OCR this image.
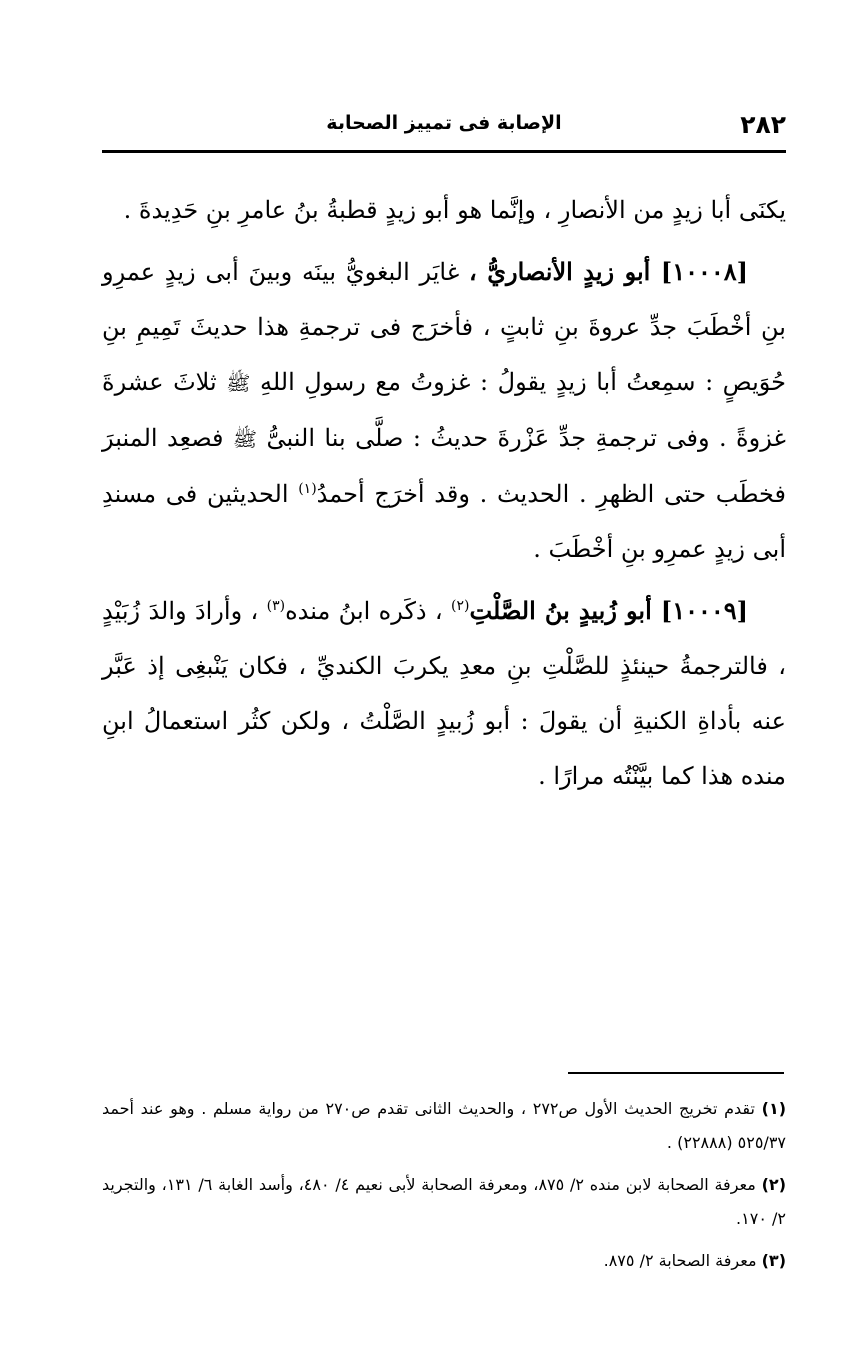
٢٨٢
الإصابة فى تمييز الصحابة

يكنَى أبا زيدٍ من الأنصارِ ، وإنَّما هو أبو زيدٍ قطبةُ بنُ عامرِ بنِ حَدِيدةَ .

[١٠٠٠٨] أبو زيدٍ الأنصاريُّ ، غايَر البغويُّ بينَه وبينَ أبى زيدٍ عمرِو بنِ أخْطَبَ جدِّ عروةَ بنِ ثابتٍ ، فأخرَج فى ترجمةِ هذا حديثَ تَمِيمِ بنِ حُوَيصٍ : سمِعتُ أبا زيدٍ يقولُ : غزوتُ مع رسولِ اللهِ ﷺ ثلاثَ عشرةَ غزوةً . وفى ترجمةِ جدِّ عَزْرةَ حديثُ : صلَّى بنا النبىُّ ﷺ فصعِد المنبرَ فخطَب حتى الظهرِ . الحديث . وقد أخرَج أحمدُ$^{(١)}$ الحديثين فى مسندِ أبى زيدٍ عمرِو بنِ أخْطَبَ .

[١٠٠٠٩] أبو زُبيدٍ بنُ الصَّلْتِ$^{(٢)}$ ، ذكَره ابنُ منده$^{(٣)}$ ، وأرادَ والدَ زُبَيْدٍ ، فالترجمةُ حينئذٍ للصَّلْتِ بنِ معدِ يكربَ الكنديِّ ، فكان يَنْبغِى إذ عَبَّر عنه بأداةِ الكنيةِ أن يقولَ : أبو زُبيدٍ الصَّلْتُ ، ولكن كثُر استعمالُ ابنِ منده هذا كما بيَّنْتُه مرارًا .

(١) تقدم تخريج الحديث الأول ص٢٧٢ ، والحديث الثانى تقدم ص٢٧٠ من رواية مسلم . وهو عند أحمد ٥٢٥/٣٧ (٢٢٨٨٨) .

(٢) معرفة الصحابة لابن منده ٢/ ٨٧٥، ومعرفة الصحابة لأبى نعيم ٤/ ٤٨٠، وأسد الغابة ٦/ ١٣١، والتجريد ٢/ ١٧٠.

(٣) معرفة الصحابة ٢/ ٨٧٥.
